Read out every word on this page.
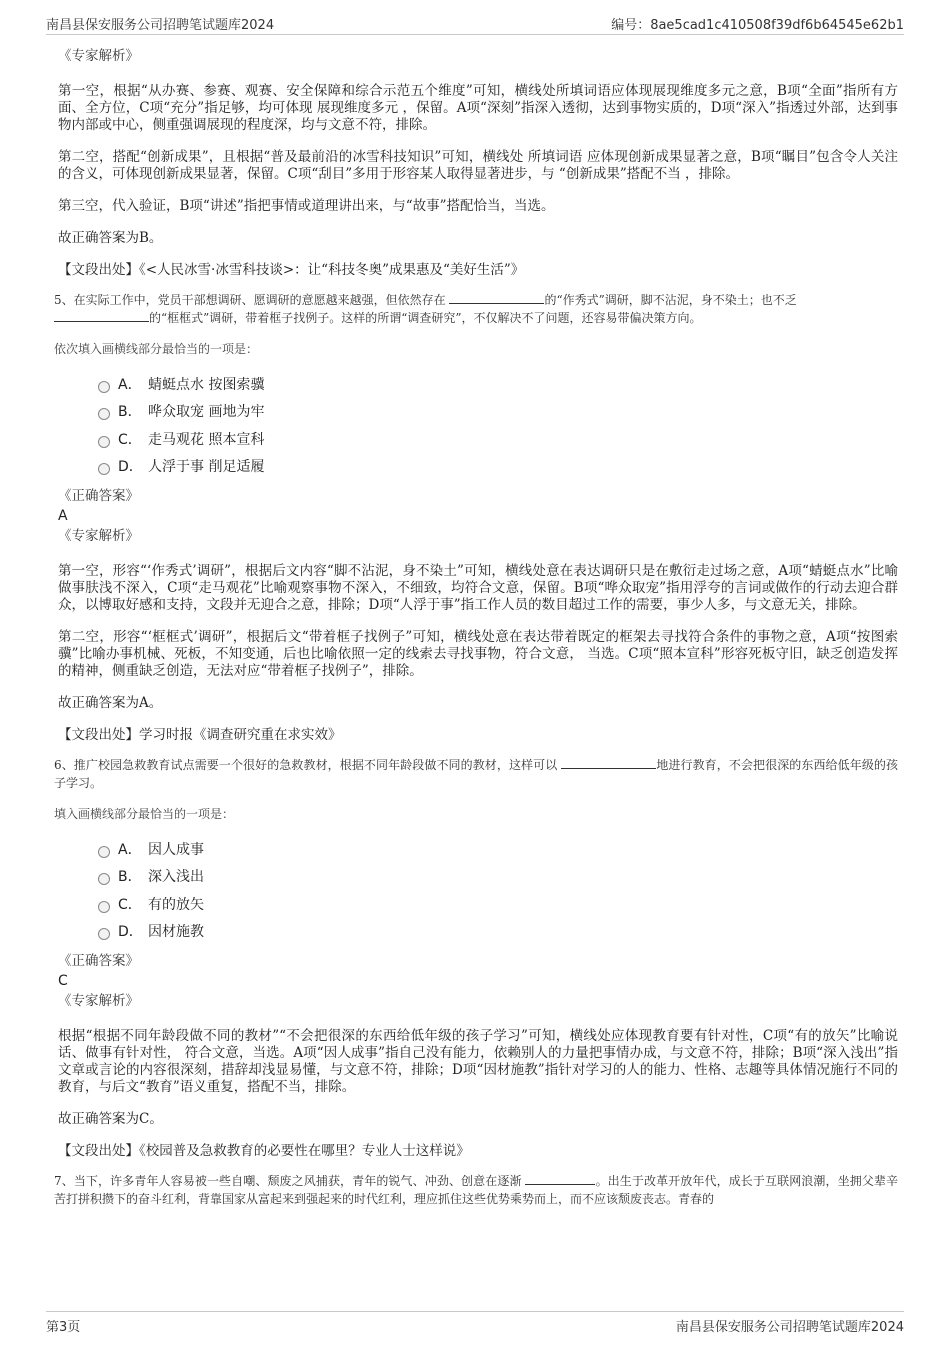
南昌县保安服务公司招聘笔试题库2024	编号：8ae5cad1c410508f39df6b64545e62b1

《专家解析》

第一空，根据“从办赛、参赛、观赛、安全保障和综合示范五个维度”可知，横线处所填词语应体现展现维度多元之意，B项“全面”指所有方面、全方位，C项“充分”指足够，均可体现 展现维度多元 ，保留。A项“深刻”指深入透彻，达到事物实质的，D项“深入”指透过外部，达到事物内部或中心，侧重强调展现的程度深，均与文意不符，排除。

第二空，搭配“创新成果”，且根据“普及最前沿的冰雪科技知识”可知，横线处 所填词语 应体现创新成果显著之意，B项“瞩目”包含令人关注的含义，可体现创新成果显著，保留。C项“刮目”多用于形容某人取得显著进步，与 “创新成果”搭配不当 ，排除。

第三空，代入验证，B项“讲述”指把事情或道理讲出来，与“故事”搭配恰当，当选。

故正确答案为B。

【文段出处】《<人民冰雪·冰雪科技谈>：让“科技冬奥”成果惠及“美好生活”》

5、在实际工作中，党员干部想调研、愿调研的意愿越来越强，但依然存在	的“作秀式”调研，脚不沾泥，身不染土；也不乏
的“框框式”调研，带着框子找例子。这样的所谓“调查研究”，不仅解决不了问题，还容易带偏决策方向。

依次填入画横线部分最恰当的一项是：

A． 蜻蜓点水 按图索骥
B． 哗众取宠 画地为牢
C． 走马观花 照本宣科
D． 人浮于事 削足适履

《正确答案》

A

《专家解析》

第一空，形容“‘作秀式’调研”，根据后文内容“脚不沾泥，身不染土”可知，横线处意在表达调研只是在敷衍走过场之意，A项“蜻蜓点水”比喻做事肤浅不深入，C项“走马观花”比喻观察事物不深入，不细致，均符合文意，保留。B项“哗众取宠”指用浮夸的言词或做作的行动去迎合群众，以博取好感和支持，文段并无迎合之意，排除；D项“人浮于事”指工作人员的数目超过工作的需要，事少人多，与文意无关，排除。

第二空，形容“‘框框式’调研”，根据后文“带着框子找例子”可知，横线处意在表达带着既定的框架去寻找符合条件的事物之意，A项“按图索骥”比喻办事机械、死板，不知变通，后也比喻依照一定的线索去寻找事物，符合文意， 当选。C项“照本宣科”形容死板守旧，缺乏创造发挥的精神，侧重缺乏创造，无法对应“带着框子找例子”，排除。

故正确答案为A。

【文段出处】学习时报《调查研究重在求实效》

6、推广校园急救教育试点需要一个很好的急救教材，根据不同年龄段做不同的教材，这样可以	地进行教育，不会把很深的东西给低年级的孩子学习。

填入画横线部分最恰当的一项是：

A． 因人成事
B． 深入浅出
C． 有的放矢
D． 因材施教

《正确答案》

C

《专家解析》

根据“根据不同年龄段做不同的教材”“不会把很深的东西给低年级的孩子学习”可知，横线处应体现教育要有针对性，C项“有的放矢”比喻说话、做事有针对性， 符合文意，当选。A项“因人成事”指自己没有能力，依赖别人的力量把事情办成，与文意不符，排除；B项“深入浅出”指文章或言论的内容很深刻，措辞却浅显易懂，与文意不符，排除；D项“因材施教”指针对学习的人的能力、性格、志趣等具体情况施行不同的教育，与后文“教育”语义重复，搭配不当，排除。

故正确答案为C。

【文段出处】《校园普及急救教育的必要性在哪里？专业人士这样说》

7、当下，许多青年人容易被一些自嘲、颓废之风捕获，青年的锐气、冲劲、创意在逐渐	。出生于改革开放年代，成长于互联网浪潮，坐拥父辈辛苦打拼积攒下的奋斗红利，背靠国家从富起来到强起来的时代红利，理应抓住这些优势乘势而上，而不应该颓废丧志。青春的

第3页	南昌县保安服务公司招聘笔试题库2024
